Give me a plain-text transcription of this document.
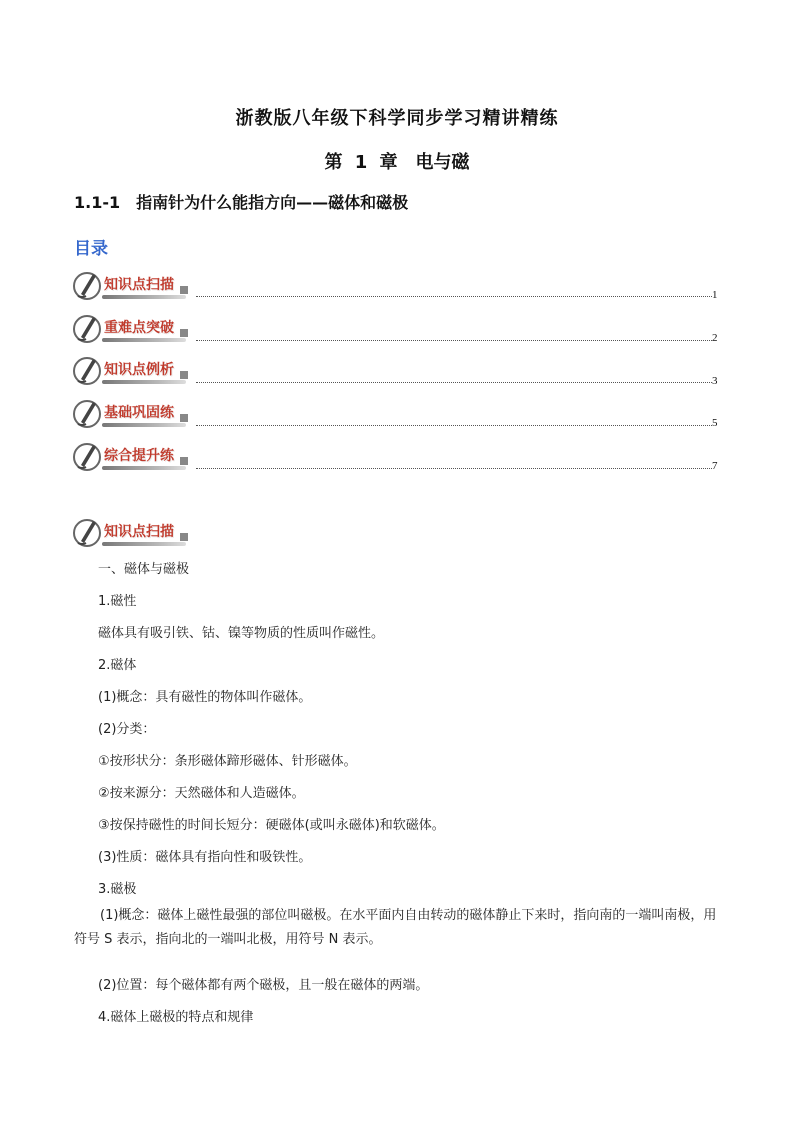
浙教版八年级下科学同步学习精讲精练
第 1 章　电与磁
1.1-1　指南针为什么能指方向——磁体和磁极
目录
知识点扫描
1
重难点突破
2
知识点例析
3
基础巩固练
5
综合提升练
7
知识点扫描
一、磁体与磁极
1.磁性
磁体具有吸引铁、钴、镍等物质的性质叫作磁性。
2.磁体
(1)概念：具有磁性的物体叫作磁体。
(2)分类：
①按形状分：条形磁体蹄形磁体、针形磁体。
②按来源分：天然磁体和人造磁体。
③按保持磁性的时间长短分：硬磁体(或叫永磁体)和软磁体。
(3)性质：磁体具有指向性和吸铁性。
3.磁极
(1)概念：磁体上磁性最强的部位叫磁极。在水平面内自由转动的磁体静止下来时，指向南的一端叫南极，用符号 S 表示，指向北的一端叫北极，用符号 N 表示。
(2)位置：每个磁体都有两个磁极，且一般在磁体的两端。
4.磁体上磁极的特点和规律
